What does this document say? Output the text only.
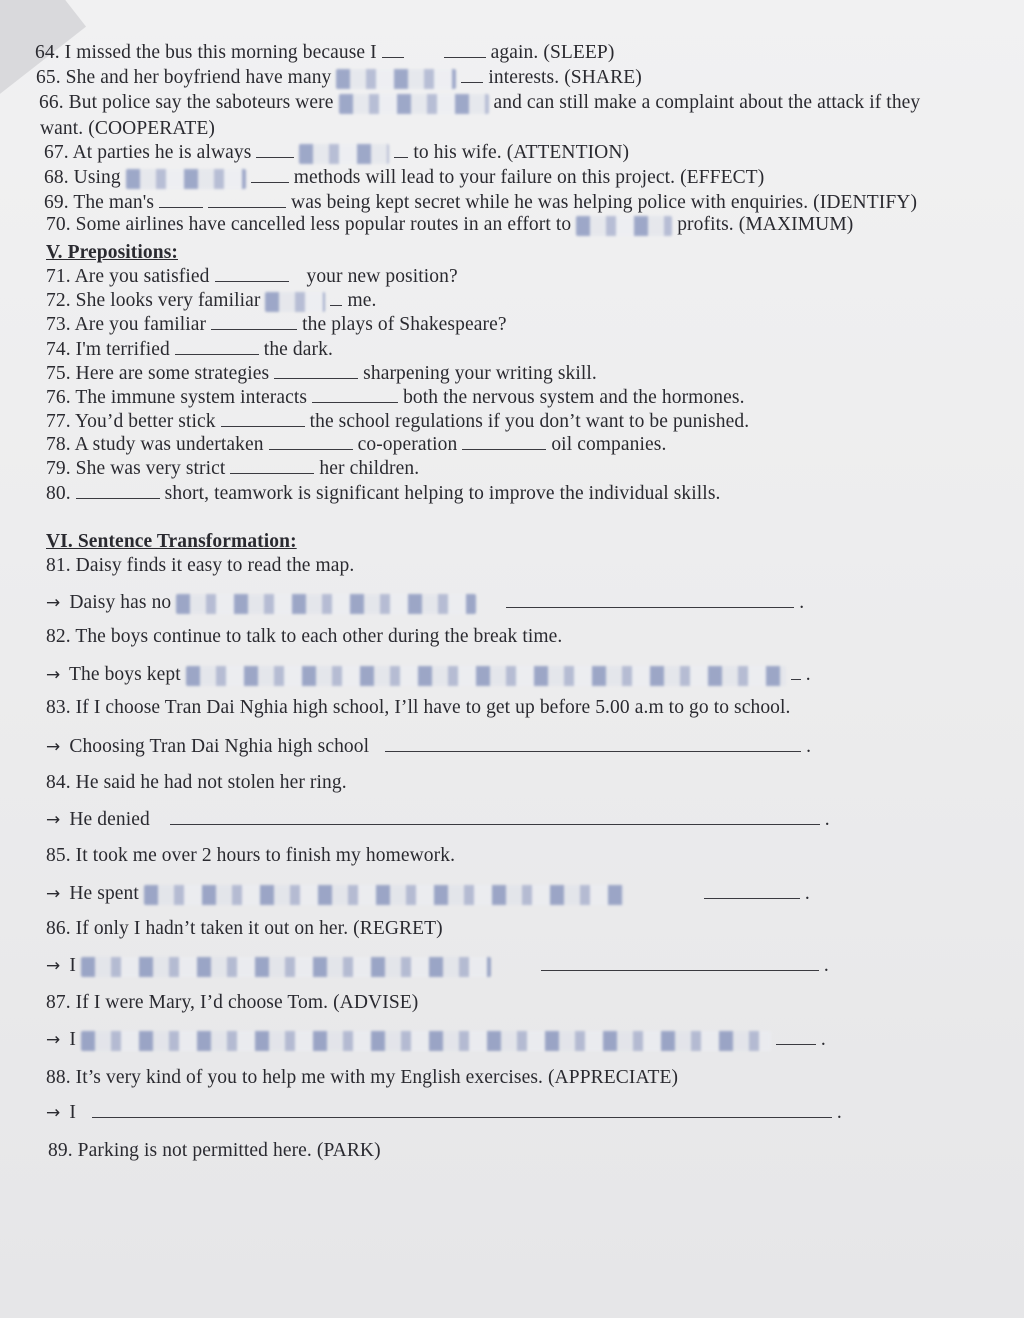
64. I missed the bus this morning because I	again. (SLEEP)
65. She and her boyfriend have many	interests. (SHARE)
66. But police say the saboteurs were	and can still make a complaint about the attack if they
want. (COOPERATE)
67. At parties he is always	to his wife. (ATTENTION)
68. Using	methods will lead to your failure on this project. (EFFECT)
69. The man's	was being kept secret while he was helping police with enquiries. (IDENTIFY)
70. Some airlines have cancelled less popular routes in an effort to	profits. (MAXIMUM)
V. Prepositions:
71. Are you satisfied	your new position?
72. She looks very familiar	me.
73. Are you familiar	the plays of Shakespeare?
74. I'm terrified	the dark.
75. Here are some strategies	sharpening your writing skill.
76. The immune system interacts	both the nervous system and the hormones.
77. You’d better stick	the school regulations if you don’t want to be punished.
78. A study was undertaken	co-operation	oil companies.
79. She was very strict	her children.
80.	short, teamwork is significant helping to improve the individual skills.
VI. Sentence Transformation:
81. Daisy finds it easy to read the map.
→ Daisy has no	.
82. The boys continue to talk to each other during the break time.
→ The boys kept	.
83. If I choose Tran Dai Nghia high school, I’ll have to get up before 5.00 a.m to go to school.
→ Choosing Tran Dai Nghia high school	.
84. He said he had not stolen her ring.
→ He denied	.
85. It took me over 2 hours to finish my homework.
→ He spent	.
86. If only I hadn’t taken it out on her. (REGRET)
→ I	.
87. If I were Mary, I’d choose Tom. (ADVISE)
→ I	.
88. It’s very kind of you to help me with my English exercises. (APPRECIATE)
→ I	.
89. Parking is not permitted here. (PARK)
